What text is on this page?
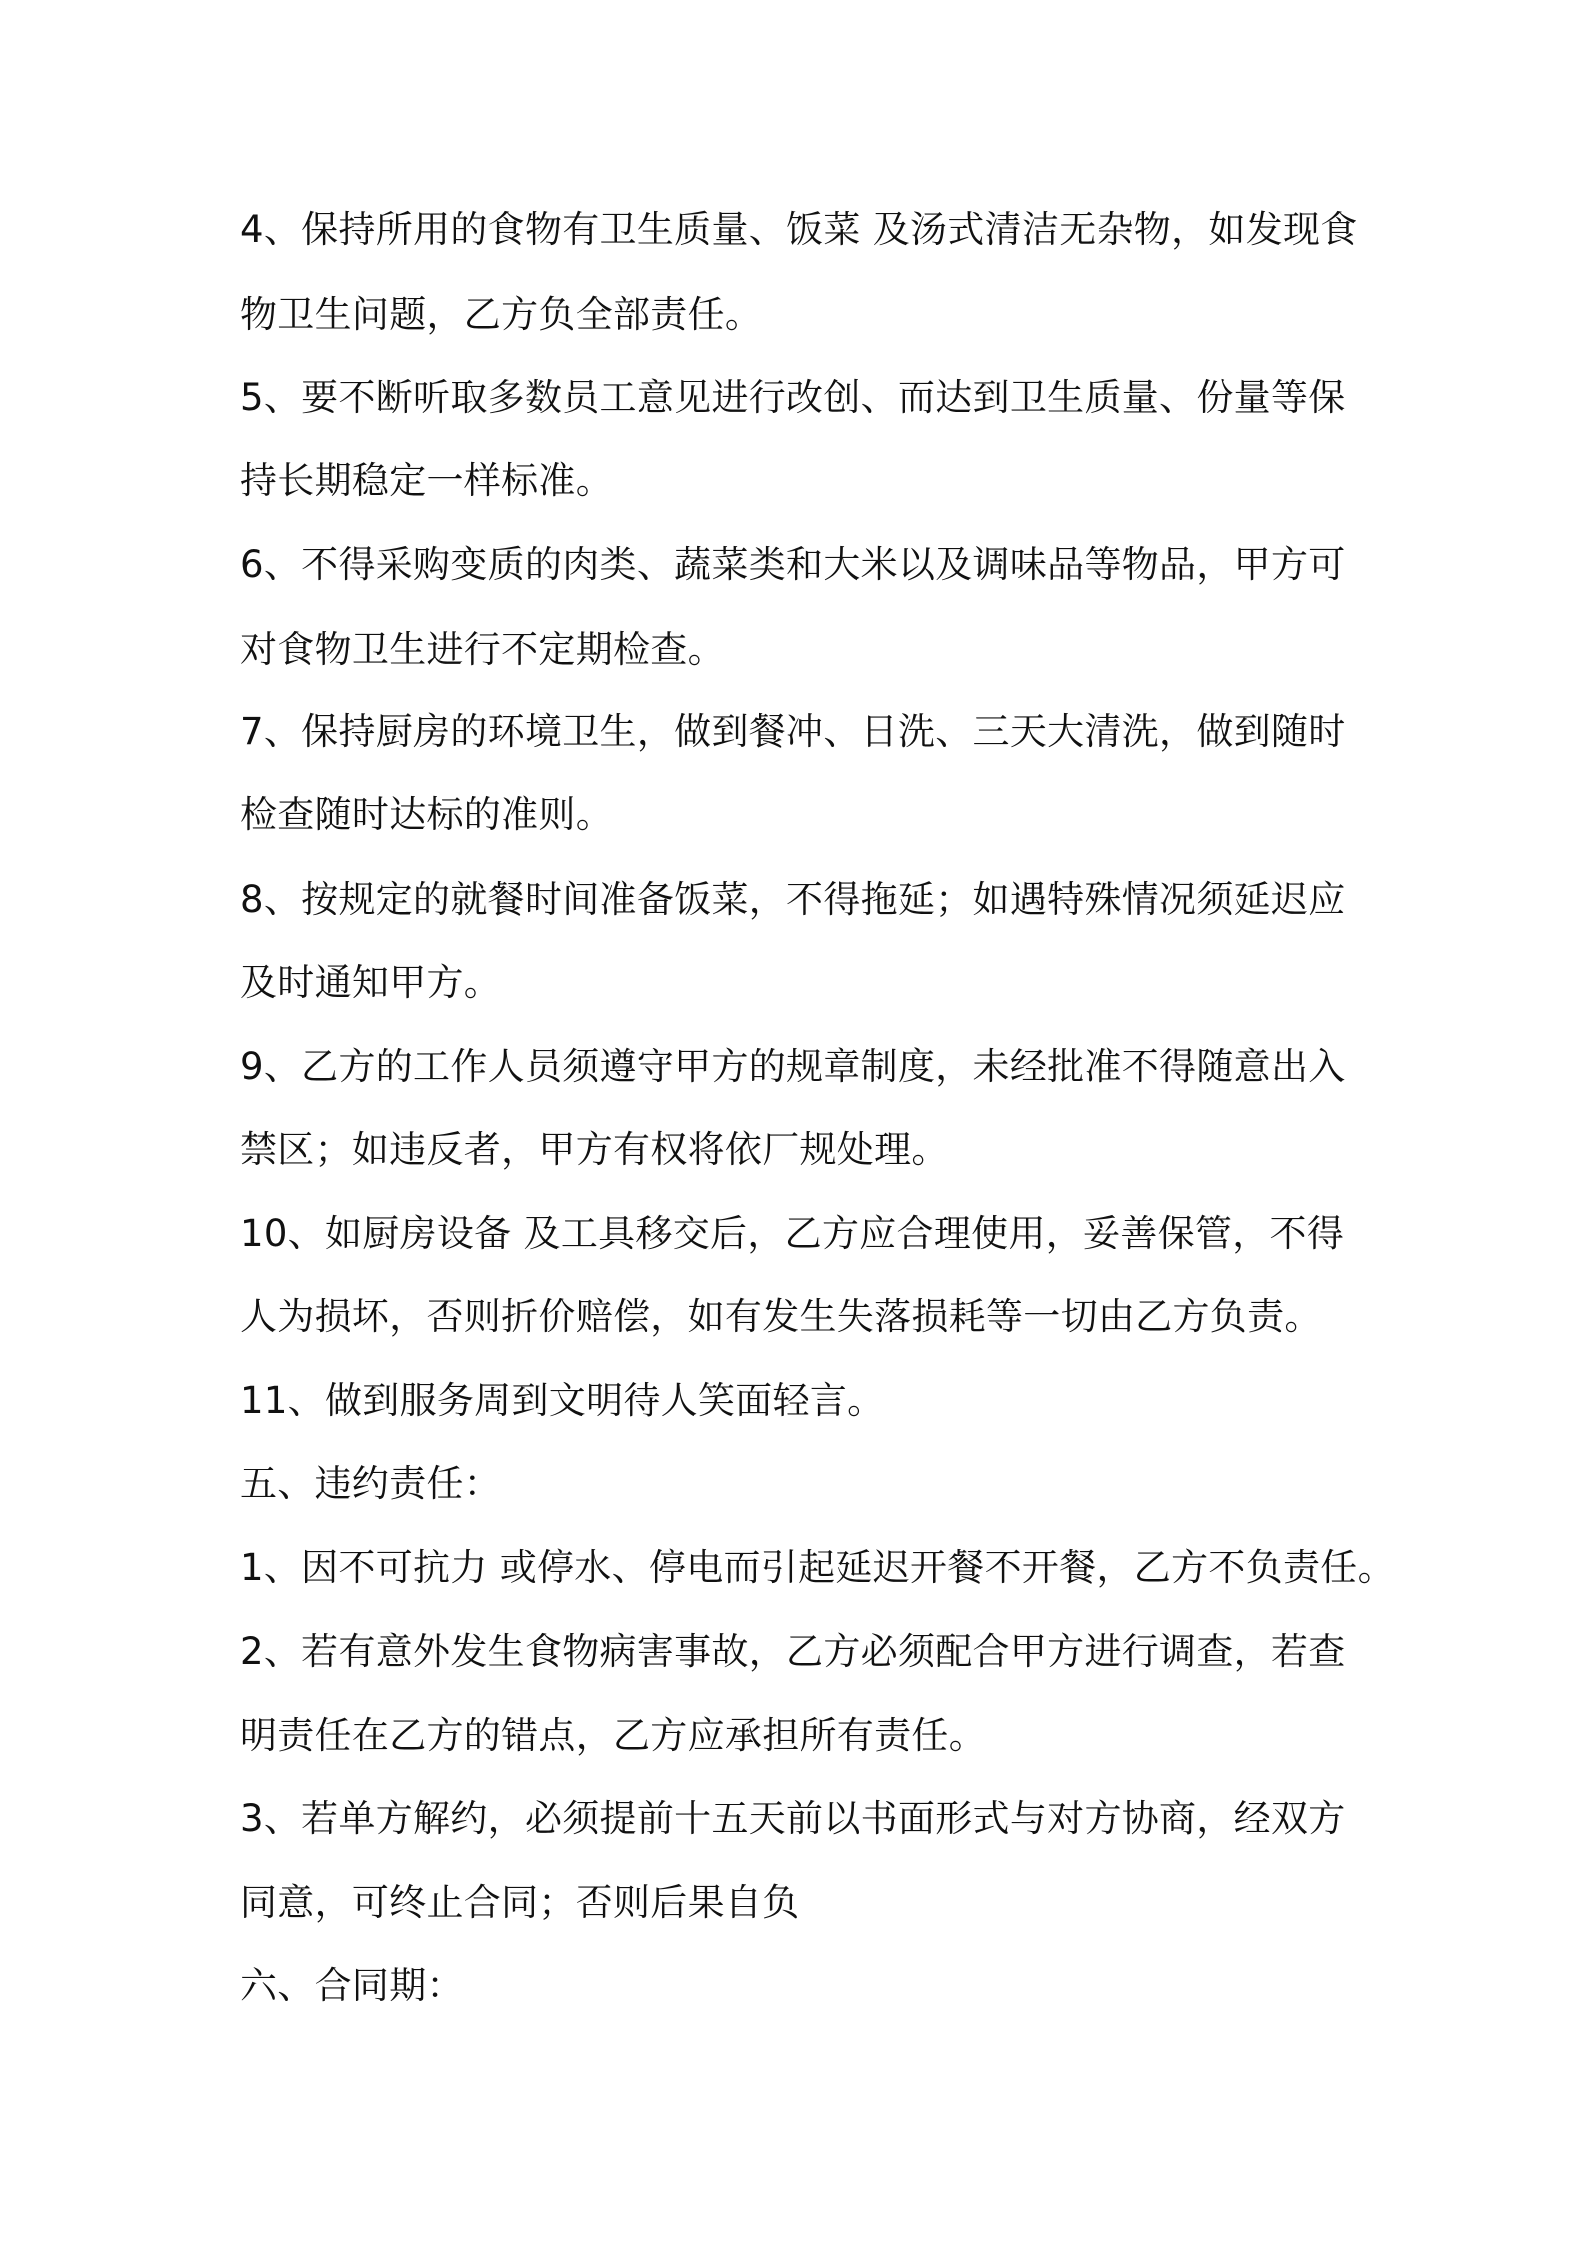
4、保持所用的食物有卫生质量、饭菜 及汤式清洁无杂物，如发现食
物卫生问题，乙方负全部责任。
5、要不断听取多数员工意见进行改创、而达到卫生质量、份量等保
持长期稳定一样标准。
6、不得采购变质的肉类、蔬菜类和大米以及调味品等物品，甲方可
对食物卫生进行不定期检查。
7、保持厨房的环境卫生，做到餐冲、日洗、三天大清洗，做到随时
检查随时达标的准则。
8、按规定的就餐时间准备饭菜，不得拖延；如遇特殊情况须延迟应
及时通知甲方。
9、乙方的工作人员须遵守甲方的规章制度，未经批准不得随意出入
禁区；如违反者，甲方有权将依厂规处理。
10、如厨房设备 及工具移交后，乙方应合理使用，妥善保管，不得
人为损坏，否则折价赔偿，如有发生失落损耗等一切由乙方负责。
11、做到服务周到文明待人笑面轻言。
五、违约责任：
1、因不可抗力 或停水、停电而引起延迟开餐不开餐，乙方不负责任。
2、若有意外发生食物病害事故，乙方必须配合甲方进行调查，若查
明责任在乙方的错点，乙方应承担所有责任。
3、若单方解约，必须提前十五天前以书面形式与对方协商，经双方
同意，可终止合同；否则后果自负
六、合同期：
